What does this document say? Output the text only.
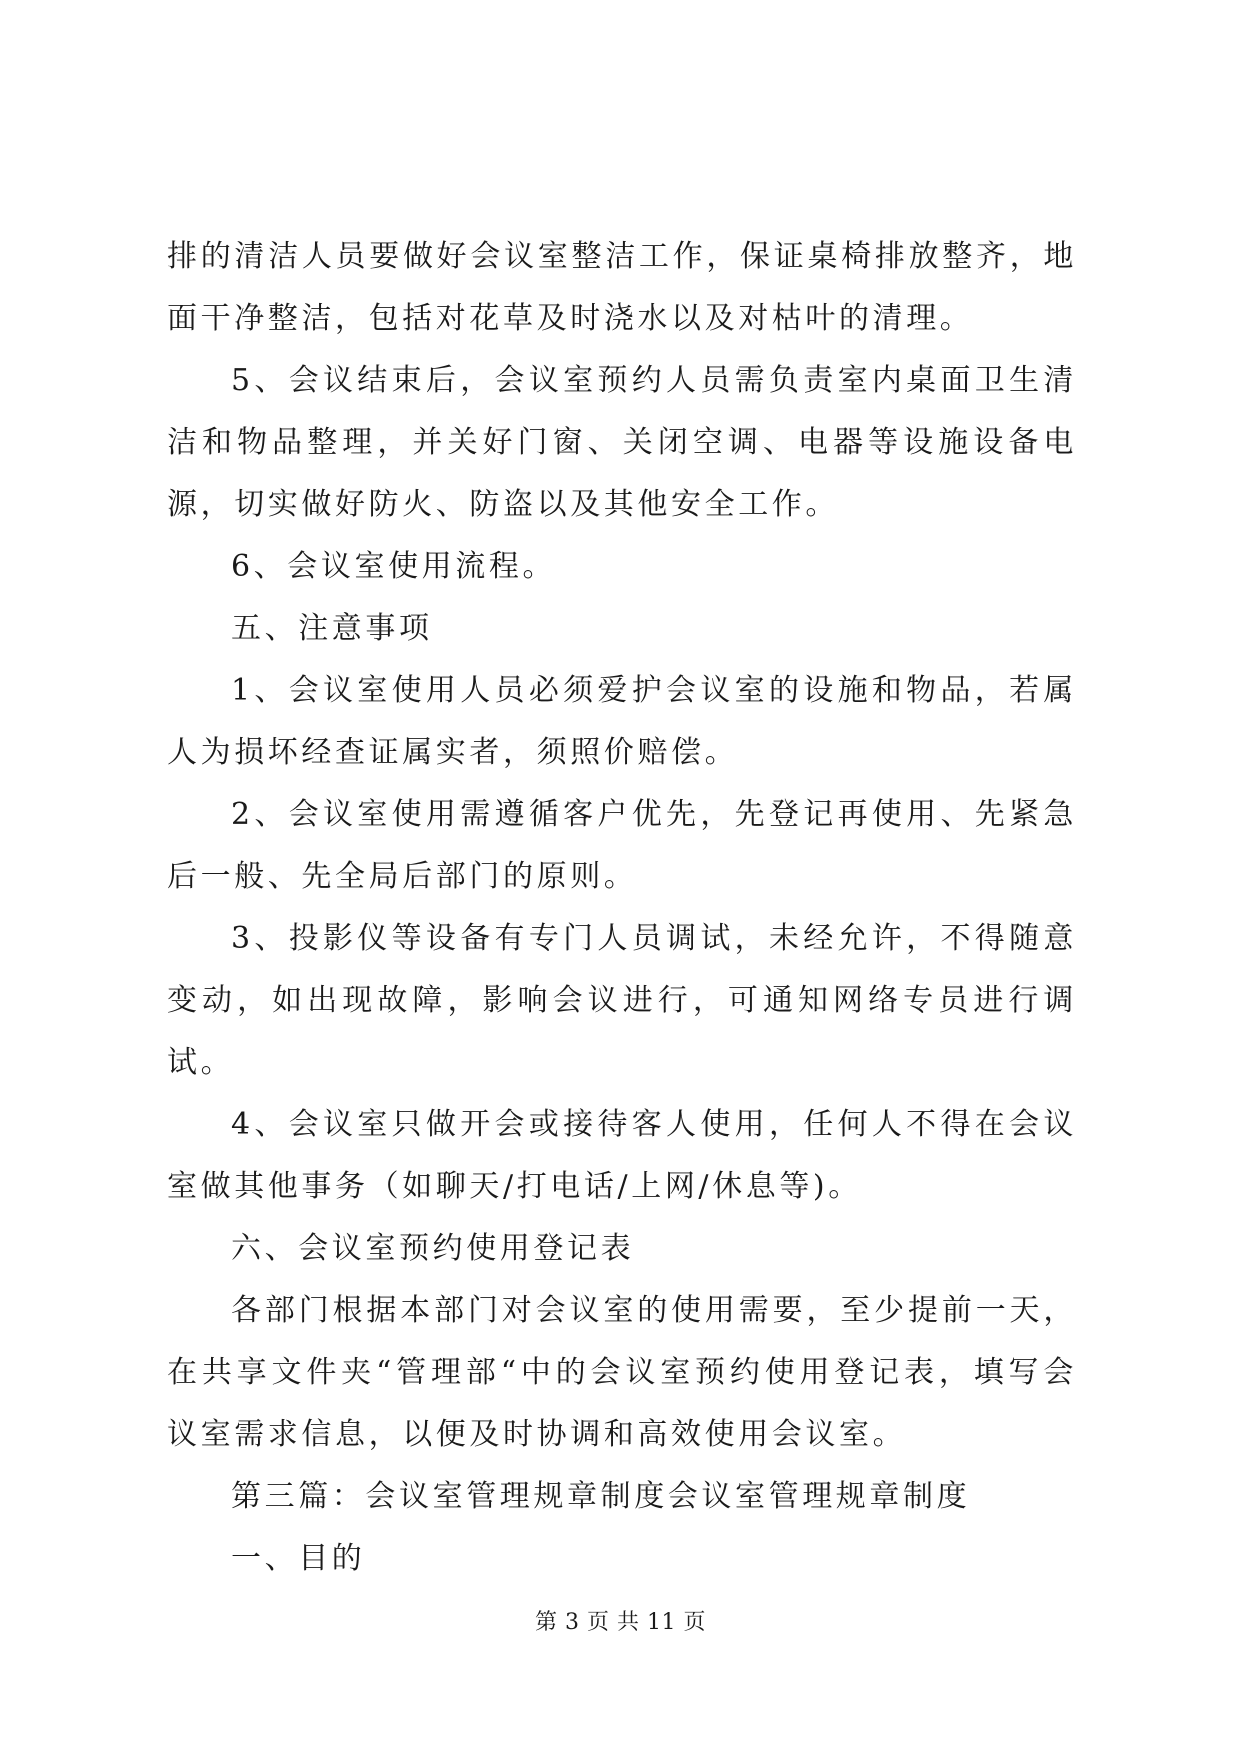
排的清洁人员要做好会议室整洁工作，保证桌椅排放整齐，地面干净整洁，包括对花草及时浇水以及对枯叶的清理。

5、会议结束后，会议室预约人员需负责室内桌面卫生清洁和物品整理，并关好门窗、关闭空调、电器等设施设备电源，切实做好防火、防盗以及其他安全工作。

6、会议室使用流程。

五、注意事项

1、会议室使用人员必须爱护会议室的设施和物品，若属人为损坏经查证属实者，须照价赔偿。

2、会议室使用需遵循客户优先，先登记再使用、先紧急后一般、先全局后部门的原则。

3、投影仪等设备有专门人员调试，未经允许，不得随意变动，如出现故障，影响会议进行，可通知网络专员进行调试。

4、会议室只做开会或接待客人使用，任何人不得在会议室做其他事务（如聊天/打电话/上网/休息等)。

六、会议室预约使用登记表

各部门根据本部门对会议室的使用需要，至少提前一天，在共享文件夹“管理部“中的会议室预约使用登记表，填写会议室需求信息，以便及时协调和高效使用会议室。

第三篇：会议室管理规章制度会议室管理规章制度

一、目的

第 3 页 共 11 页
